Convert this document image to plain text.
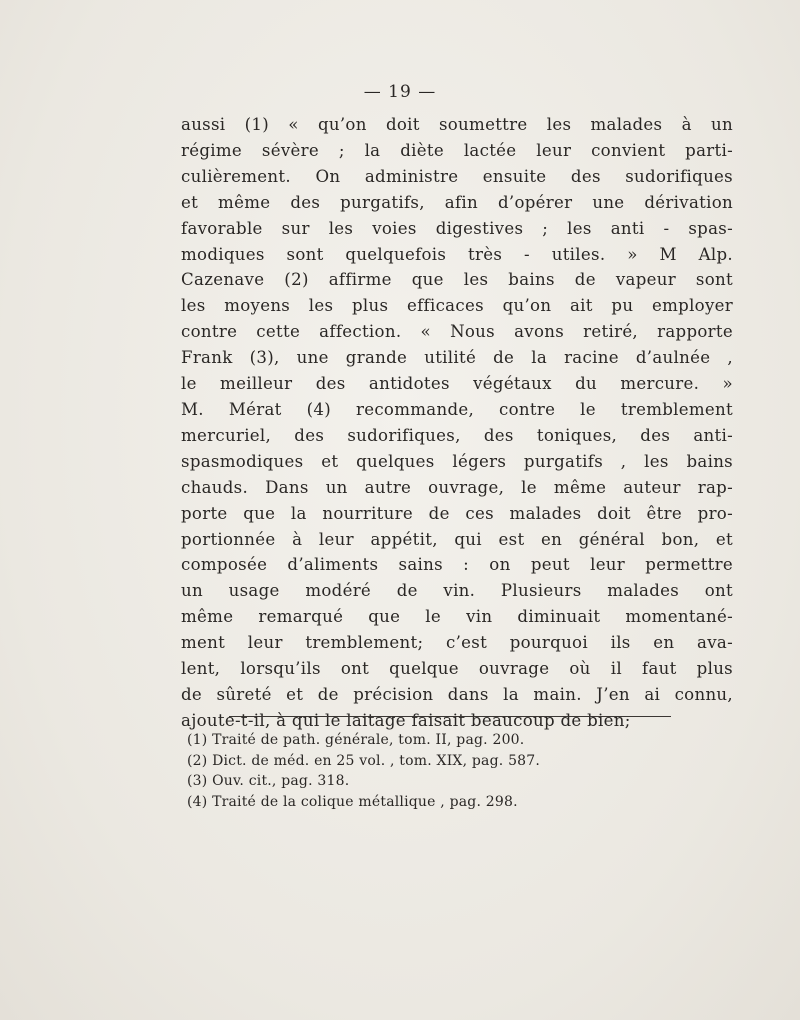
— 19 —
aussi (1) « qu’on doit soumettre les malades à un
régime sévère ; la diète lactée leur convient parti-
culièrement. On administre ensuite des sudorifiques
et même des purgatifs, afin d’opérer une dérivation
favorable sur les voies digestives ; les anti - spas-
modiques sont quelquefois très - utiles. » M Alp.
Cazenave (2) affirme que les bains de vapeur sont
les moyens les plus efficaces qu’on ait pu employer
contre cette affection. « Nous avons retiré, rapporte
Frank (3), une grande utilité de la racine d’aulnée ,
le meilleur des antidotes végétaux du mercure. »
M. Mérat (4) recommande, contre le tremblement
mercuriel, des sudorifiques, des toniques, des anti-
spasmodiques et quelques légers purgatifs , les bains
chauds. Dans un autre ouvrage, le même auteur rap-
porte que la nourriture de ces malades doit être pro-
portionnée à leur appétit, qui est en général bon, et
composée d’aliments sains : on peut leur permettre
un usage modéré de vin. Plusieurs malades ont
même remarqué que le vin diminuait momentané-
ment leur tremblement; c’est pourquoi ils en ava-
lent, lorsqu’ils ont quelque ouvrage où il faut plus
de sûreté et de précision dans la main. J’en ai connu,
ajoute-t-il, à qui le laitage faisait beaucoup de bien;
(1) Traité de path. générale, tom. II, pag. 200.
(2) Dict. de méd. en 25 vol. , tom. XIX, pag. 587.
(3) Ouv. cit., pag. 318.
(4) Traité de la colique métallique , pag. 298.
